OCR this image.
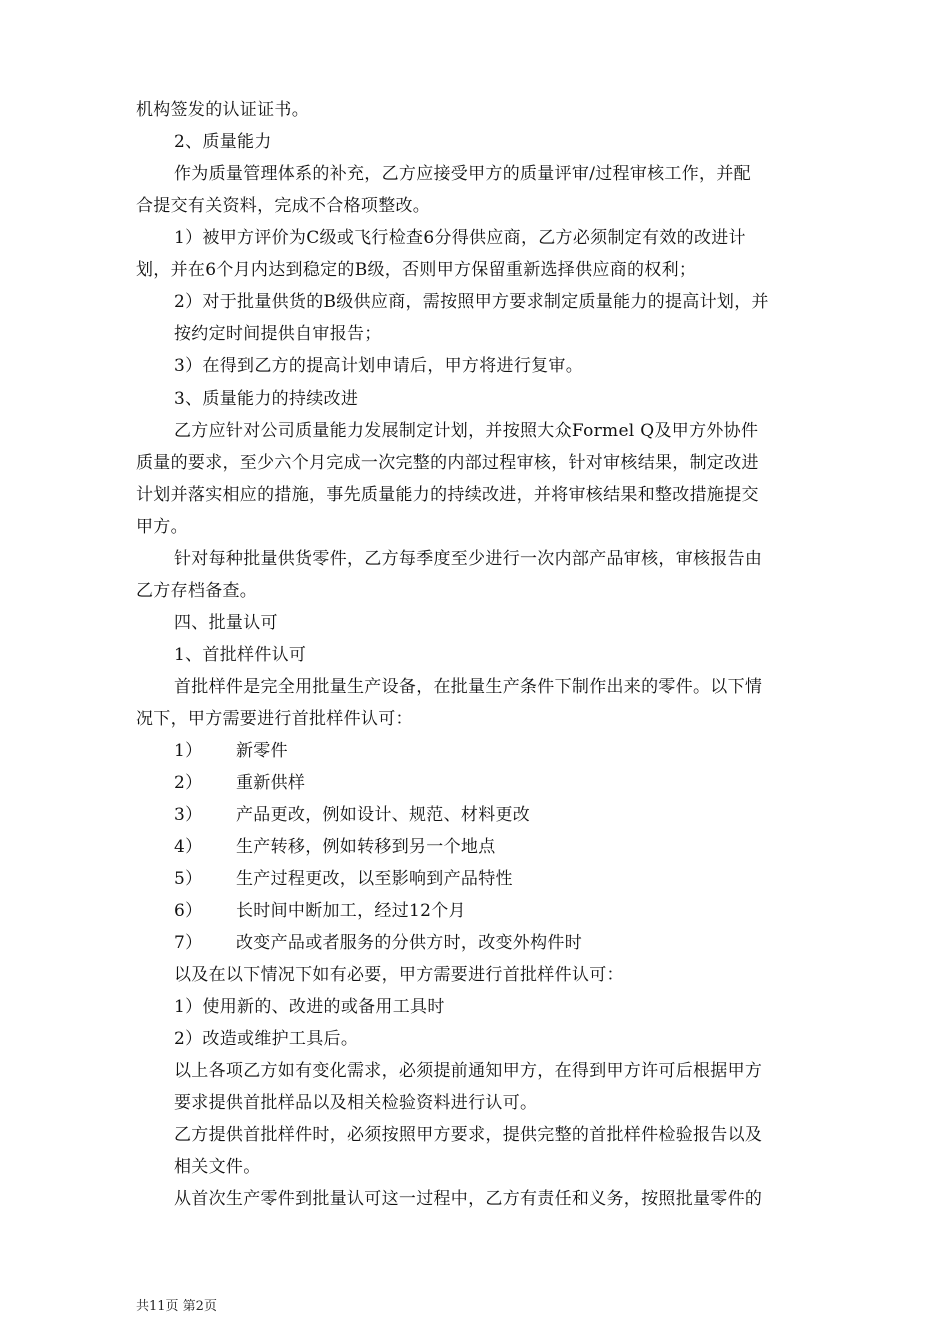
机构签发的认证证书。
2、质量能力
作为质量管理体系的补充，乙方应接受甲方的质量评审/过程审核工作，并配
合提交有关资料，完成不合格项整改。
1）被甲方评价为C级或飞行检查6分得供应商，乙方必须制定有效的改进计
划，并在6个月内达到稳定的B级，否则甲方保留重新选择供应商的权利；
2）对于批量供货的B级供应商，需按照甲方要求制定质量能力的提高计划，并
按约定时间提供自审报告；
3）在得到乙方的提高计划申请后，甲方将进行复审。
3、质量能力的持续改进
乙方应针对公司质量能力发展制定计划，并按照大众Formel Q及甲方外协件
质量的要求，至少六个月完成一次完整的内部过程审核，针对审核结果，制定改进
计划并落实相应的措施，事先质量能力的持续改进，并将审核结果和整改措施提交
甲方。
针对每种批量供货零件，乙方每季度至少进行一次内部产品审核，审核报告由
乙方存档备查。
四、批量认可
1、首批样件认可
首批样件是完全用批量生产设备，在批量生产条件下制作出来的零件。以下情
况下，甲方需要进行首批样件认可：
1） 新零件
2） 重新供样
3） 产品更改，例如设计、规范、材料更改
4） 生产转移，例如转移到另一个地点
5） 生产过程更改，以至影响到产品特性
6） 长时间中断加工，经过12个月
7） 改变产品或者服务的分供方时，改变外构件时
以及在以下情况下如有必要，甲方需要进行首批样件认可：
1）使用新的、改进的或备用工具时
2）改造或维护工具后。
以上各项乙方如有变化需求，必须提前通知甲方，在得到甲方许可后根据甲方
要求提供首批样品以及相关检验资料进行认可。
乙方提供首批样件时，必须按照甲方要求，提供完整的首批样件检验报告以及
相关文件。
从首次生产零件到批量认可这一过程中，乙方有责任和义务，按照批量零件的
共11页 第2页
